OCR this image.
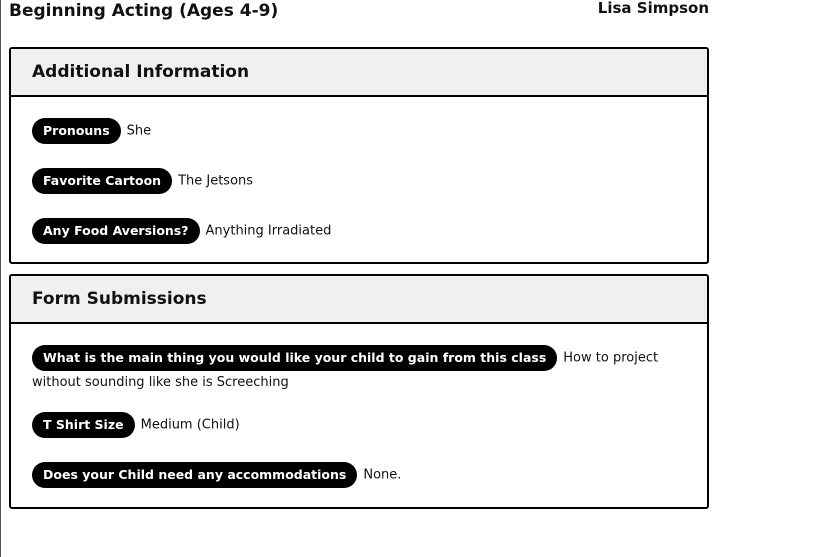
Beginning Acting (Ages 4-9)	Lisa Simpson
Additional Information
Pronouns She
Favorite Cartoon The Jetsons
Any Food Aversions? Anything Irradiated
Form Submissions
What is the main thing you would like your child to gain from this class How to project without sounding like she is Screeching
T Shirt Size Medium (Child)
Does your Child need any accommodations None.
